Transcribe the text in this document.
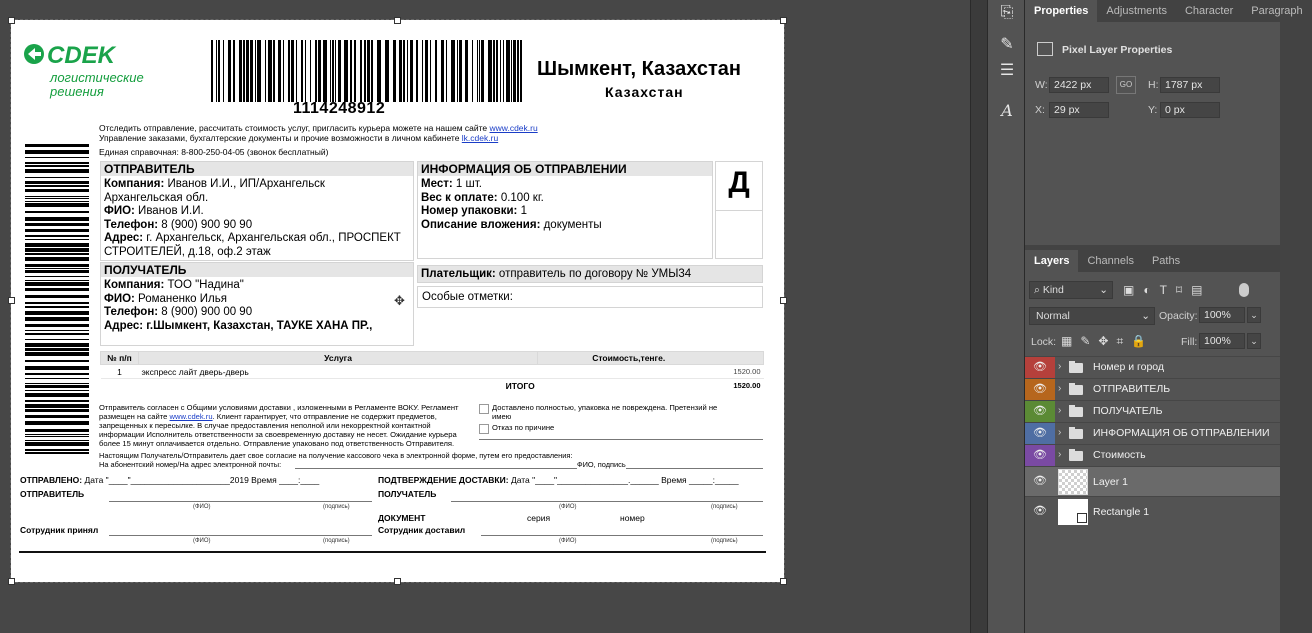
CDEK
логистические
решения
1114248912
Шымкент, Казахстан
Казахстан
Отследить отправление, рассчитать стоимость услуг, пригласить курьера можете на нашем сайте www.cdek.ru
Управление заказами, бухгалтерские документы и прочие возможности в личном кабинете lk.cdek.ru
Единая справочная: 8-800-250-04-05 (звонок бесплатный)
ОТПРАВИТЕЛЬ
Компания: Иванов И.И., ИП/Архангельск
Архангельская обл.
ФИО: Иванов И.И.
Телефон: 8 (900) 900 90 90
Адрес: г. Архангельск, Архангельская обл., ПРОСПЕКТ
СТРОИТЕЛЕЙ, д.18, оф.2 этаж
ПОЛУЧАТЕЛЬ
Компания: ТОО "Надина"
ФИО: Романенко Илья
Телефон: 8 (900) 900 00 90
Адрес: г.Шымкент, Казахстан, ТАУКЕ ХАНА ПР.,
✥
ИНФОРМАЦИЯ ОБ ОТПРАВЛЕНИИ
Мест: 1 шт.
Вес к оплате: 0.100 кг.
Номер упаковки: 1
Описание вложения: документы
Д
Плательщик: отправитель по договору № УМЫ34
Особые отметки:
№ п/п	Услуга	Стоимость,тенге.
1	экспресс лайт дверь-дверь	1520.00
	ИТОГО	1520.00
Отправитель согласен с Общими условиями доставки , изложенными в Регламенте ВОКУ. Регламент
размещен на сайте www.cdek.ru. Клиент гарантирует, что отправление не содержит предметов,
запрещенных к пересылке. В случае предоставления неполной или некорректной контактной
информации Исполнитель ответственности за своевременную доставку не несет. Ожидание курьера
более 15 минут оплачивается отдельно. Отправление упаковано под ответственность Отправителя.
Доставлено полностью, упаковка не повреждена. Претензий не
имею
Отказ по причине
Настоящим Получатель/Отправитель дает свое согласие на получение кассового чека в электронной форме, путем его предоставления:
На абонентский номер/На адрес электронной почты:	ФИО, подпись
ОТПРАВЛЕНО: Дата "____"_____________________2019 Время ____:____
ОТПРАВИТЕЛЬ
(ФИО)	(подпись)
Сотрудник принял
(ФИО)	(подпись)
ПОДТВЕРЖДЕНИЕ ДОСТАВКИ: Дата "____"_______________.______ Время _____:_____
ПОЛУЧАТЕЛЬ
(ФИО)	(подпись)
ДОКУМЕНТ	серия	номер
Сотрудник доставил
(ФИО)	(подпись)
⎘
✎
☰
A
Properties	Adjustments	Character	Paragraph
Pixel Layer Properties
W: 2422 px	GO	H: 1787 px
X: 29 px	Y: 0 px
Layers	Channels	Paths
⌕ Kind	⌄ ▣◐T⌑▤
Normal	⌄ Opacity: 100%	⌄
Lock: ▦✎✥⌗🔒	Fill: 100%	⌄
👁 ›	Номер и город
👁 ›	ОТПРАВИТЕЛЬ
👁 ›	ПОЛУЧАТЕЛЬ
👁 ›	ИНФОРМАЦИЯ ОБ ОТПРАВЛЕНИИ
👁 ›	Стоимость
👁	Layer 1
👁	Rectangle 1
